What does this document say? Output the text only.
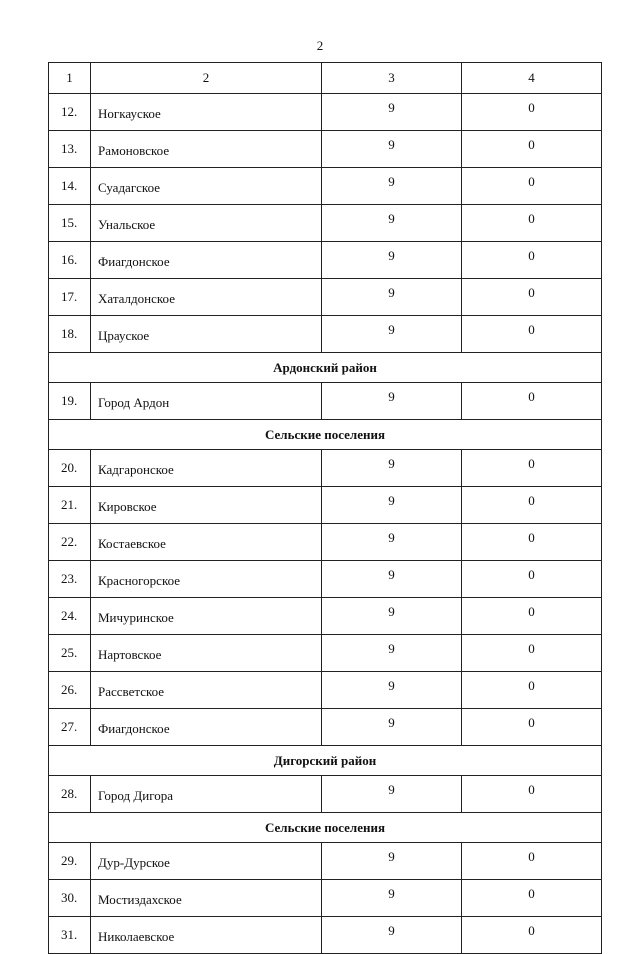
2
1	2	3	4
12.	Ногкауское	9	0
13.	Рамоновское	9	0
14.	Суадагское	9	0
15.	Унальское	9	0
16.	Фиагдонское	9	0
17.	Хаталдонское	9	0
18.	Цраускоe	9	0
Ардонский район			
19.	Город Ардон	9	0
Сельские поселения			
20.	Кадгаронское	9	0
21.	Кировское	9	0
22.	Костаевское	9	0
23.	Красногорское	9	0
24.	Мичуринское	9	0
25.	Нартовское	9	0
26.	Рассветское	9	0
27.	Фиагдонское	9	0
Дигорский район			
28.	Город Дигора	9	0
Сельские поселения			
29.	Дур-Дурское	9	0
30.	Мостиздахское	9	0
31.	Николаевское	9	0
